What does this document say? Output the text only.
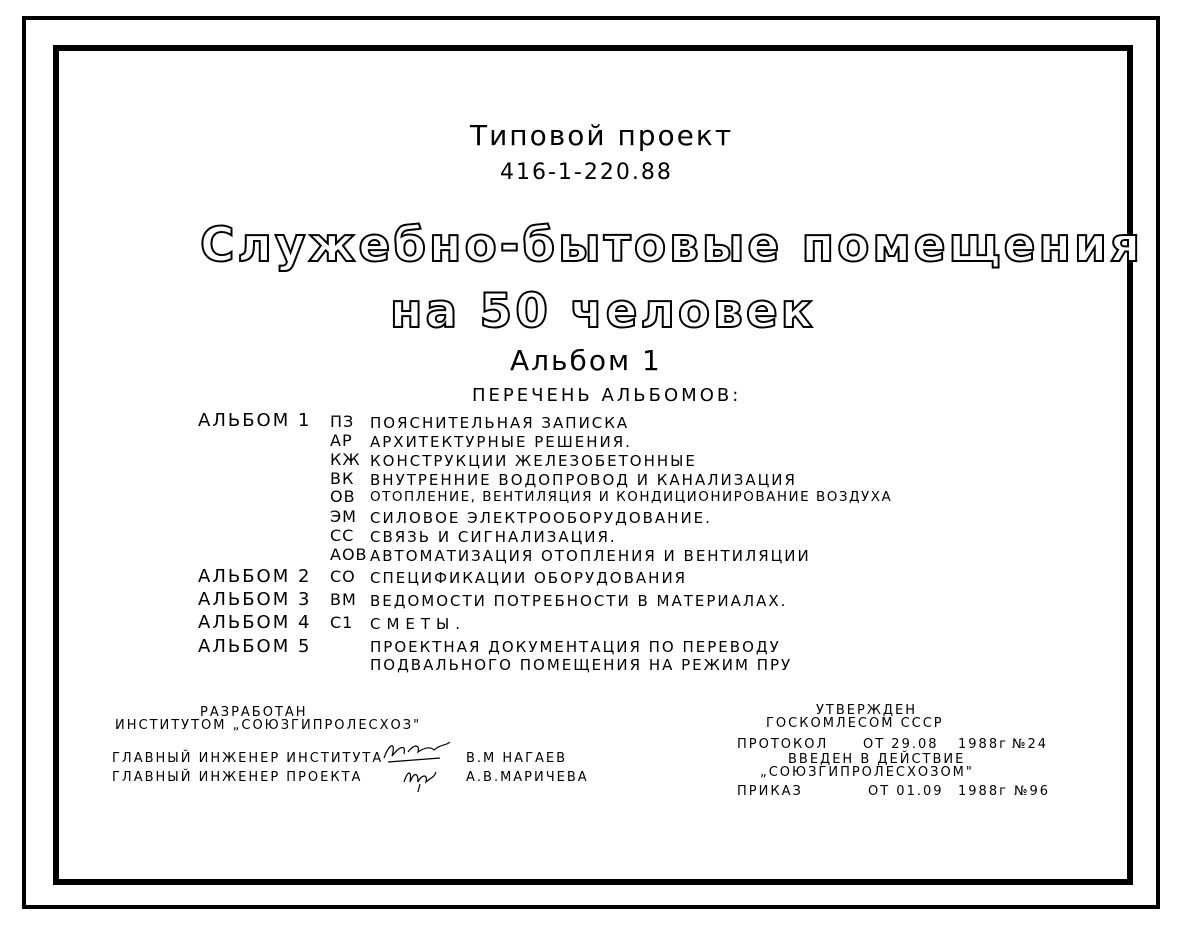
Типовой проект
416-1-220.88
Служебно-бытовые помещения
на 50 человек
Альбом 1
ПЕРЕЧЕНЬ АЛЬБОМОВ:
АЛЬБОМ 1 ПЗ ПОЯСНИТЕЛЬНАЯ ЗАПИСКА
АР АРХИТЕКТУРНЫЕ РЕШЕНИЯ.
КЖ КОНСТРУКЦИИ ЖЕЛЕЗОБЕТОННЫЕ
ВК ВНУТРЕННИЕ ВОДОПРОВОД И КАНАЛИЗАЦИЯ
ОВ ОТОПЛЕНИЕ, ВЕНТИЛЯЦИЯ И КОНДИЦИОНИРОВАНИЕ ВОЗДУХА
ЭМ СИЛОВОЕ ЭЛЕКТРООБОРУДОВАНИЕ.
СС СВЯЗЬ И СИГНАЛИЗАЦИЯ.
АОВ АВТОМАТИЗАЦИЯ ОТОПЛЕНИЯ И ВЕНТИЛЯЦИИ
АЛЬБОМ 2 СО СПЕЦИФИКАЦИИ ОБОРУДОВАНИЯ
АЛЬБОМ 3 ВМ ВЕДОМОСТИ ПОТРЕБНОСТИ В МАТЕРИАЛАХ.
АЛЬБОМ 4 С1 СМЕТЫ.
АЛЬБОМ 5	ПРОЕКТНАЯ ДОКУМЕНТАЦИЯ ПО ПЕРЕВОДУ
ПОДВАЛЬНОГО ПОМЕЩЕНИЯ НА РЕЖИМ ПРУ
РАЗРАБОТАН
ИНСТИТУТОМ „СОЮЗГИПРОЛЕСХОЗ"
ГЛАВНЫЙ ИНЖЕНЕР ИНСТИТУТА	В.М НАГАЕВ
ГЛАВНЫЙ ИНЖЕНЕР ПРОЕКТА	А.В.МАРИЧЕВА
УТВЕРЖДЕН
ГОСКОМЛЕСОМ СССР
ПРОТОКОЛ	ОТ 29.08 1988г №24
ВВЕДЕН В ДЕЙСТВИЕ
„СОЮЗГИПРОЛЕСХОЗОМ"
ПРИКАЗ	ОТ 01.09 1988г №96
